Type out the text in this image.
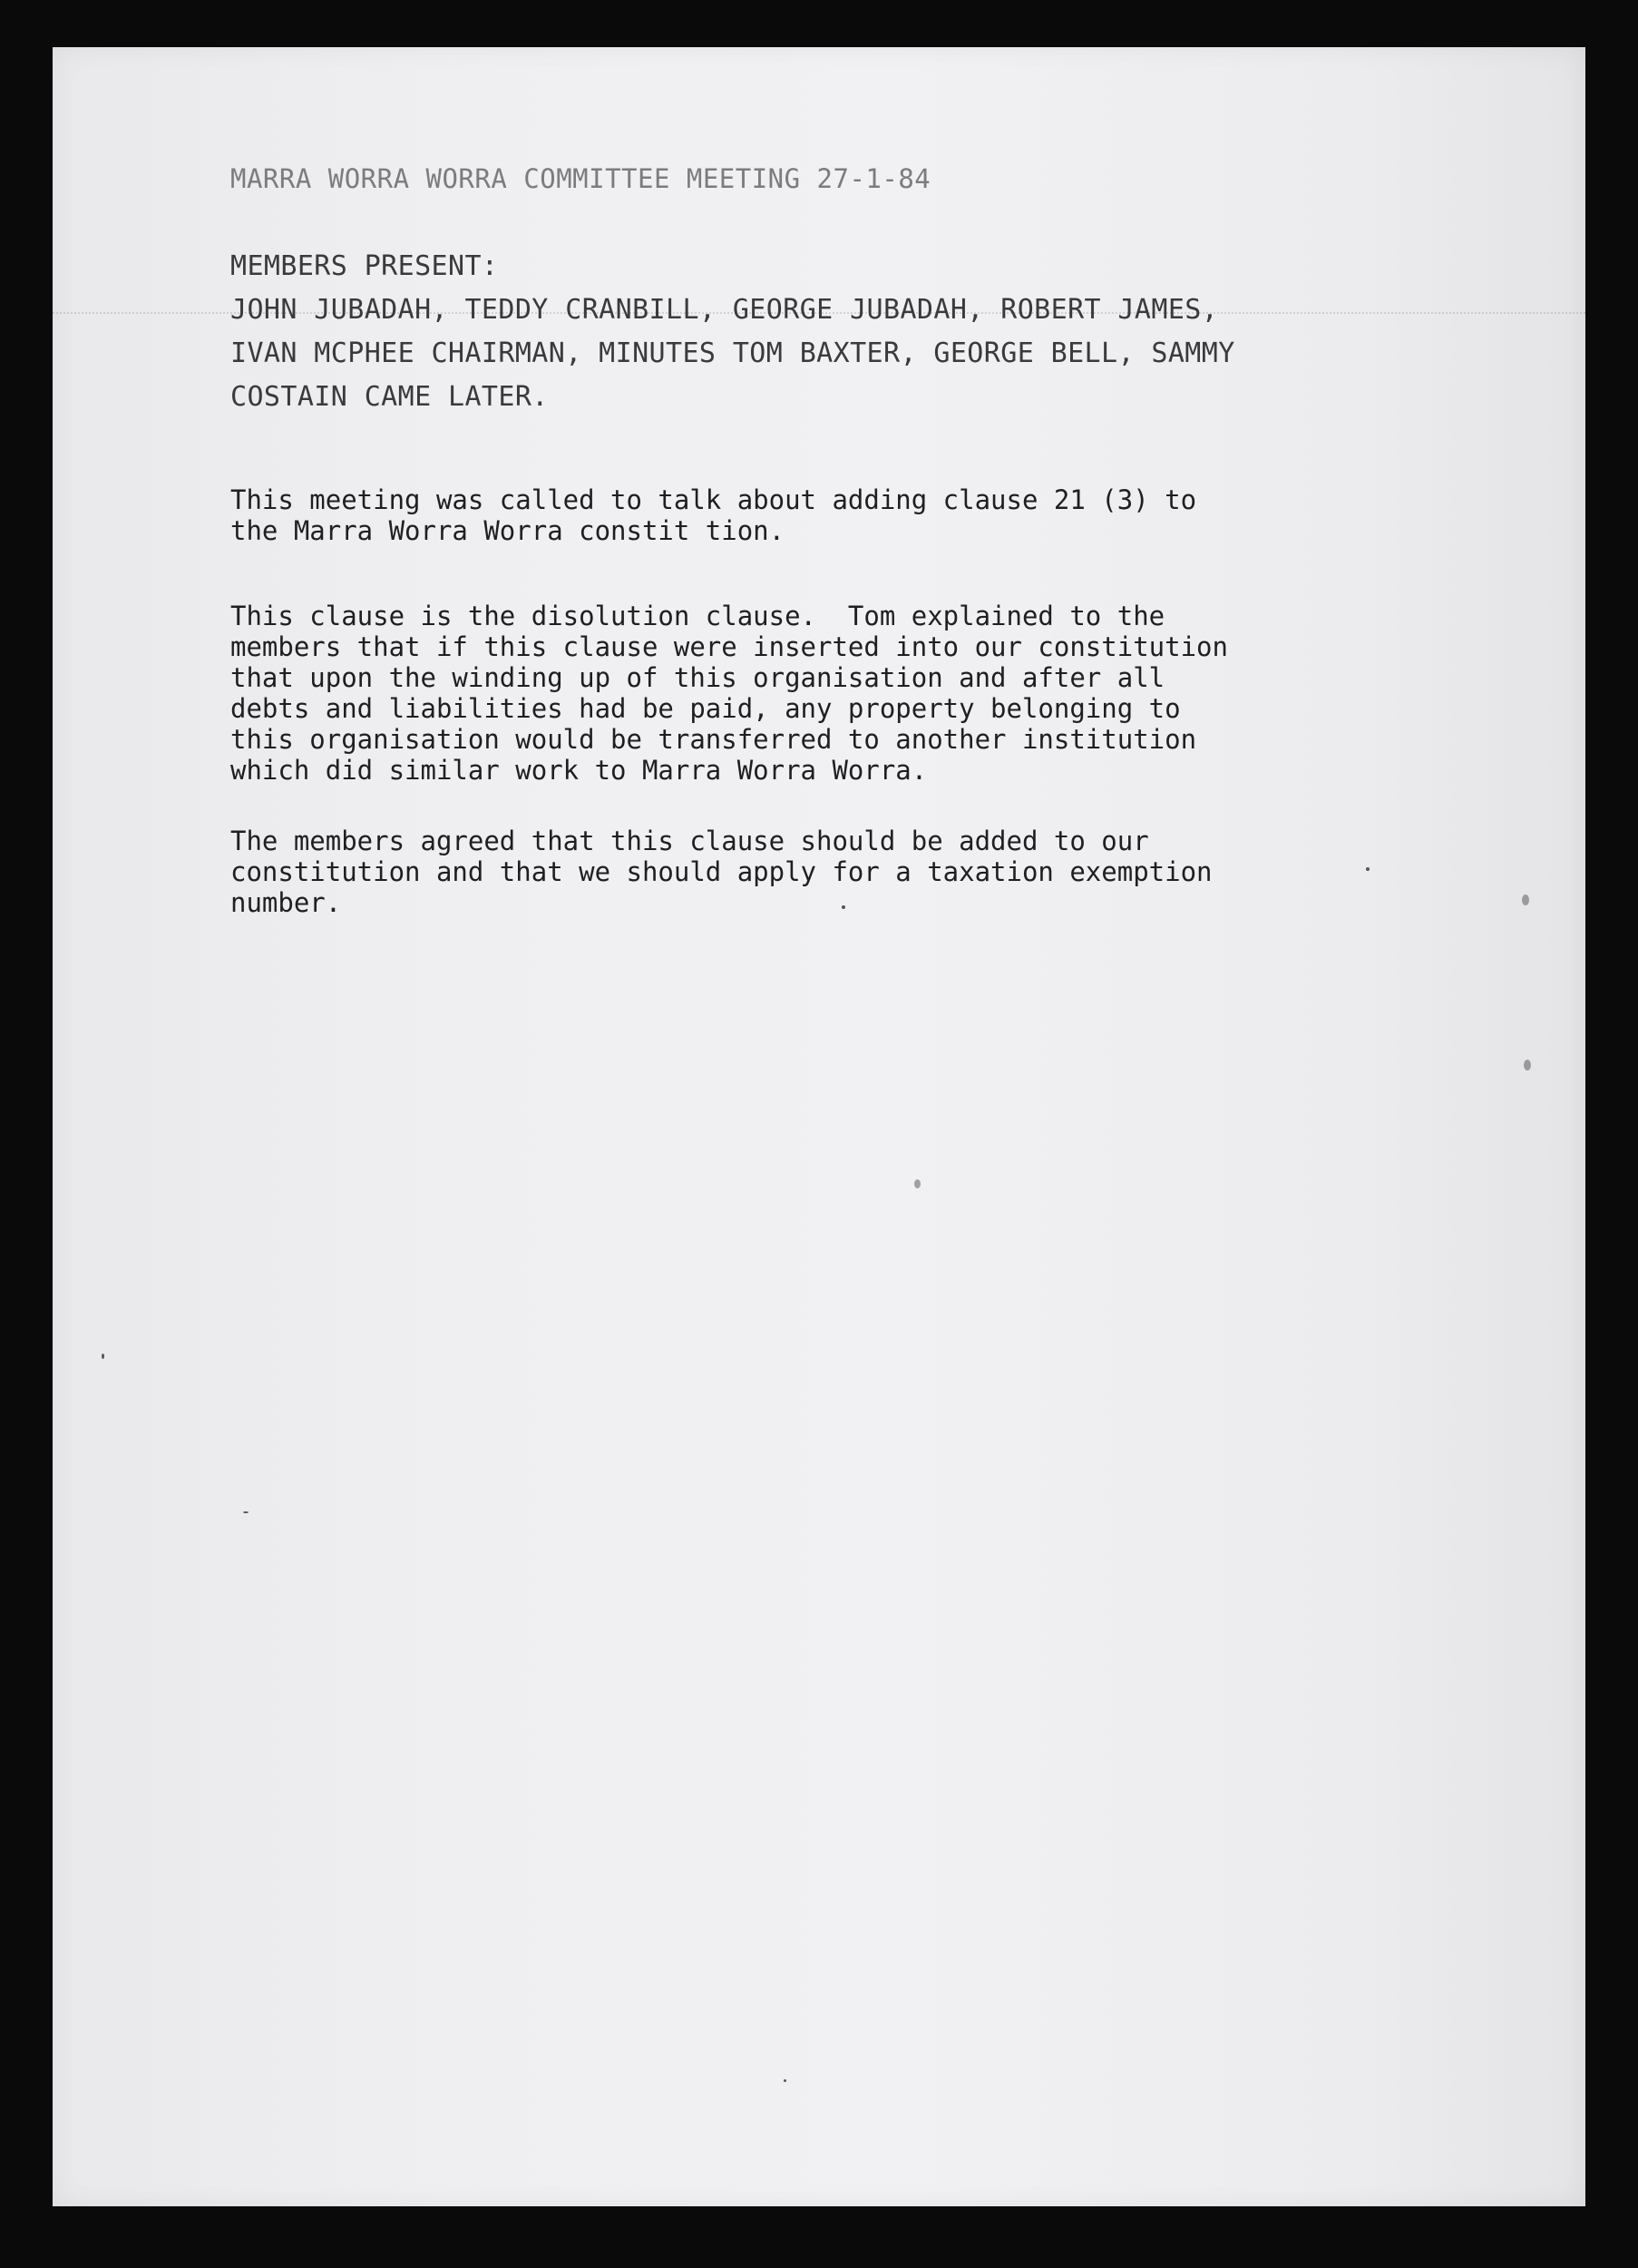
MARRA WORRA WORRA COMMITTEE MEETING 27-1-84
MEMBERS PRESENT:
JOHN JUBADAH, TEDDY CRANBILL, GEORGE JUBADAH, ROBERT JAMES,
IVAN MCPHEE CHAIRMAN, MINUTES TOM BAXTER, GEORGE BELL, SAMMY
COSTAIN CAME LATER.
This meeting was called to talk about adding clause 21 (3) to
the Marra Worra Worra constit tion.
This clause is the disolution clause.  Tom explained to the
members that if this clause were inserted into our constitution
that upon the winding up of this organisation and after all
debts and liabilities had be paid, any property belonging to
this organisation would be transferred to another institution
which did similar work to Marra Worra Worra.
The members agreed that this clause should be added to our
constitution and that we should apply for a taxation exemption
number.
